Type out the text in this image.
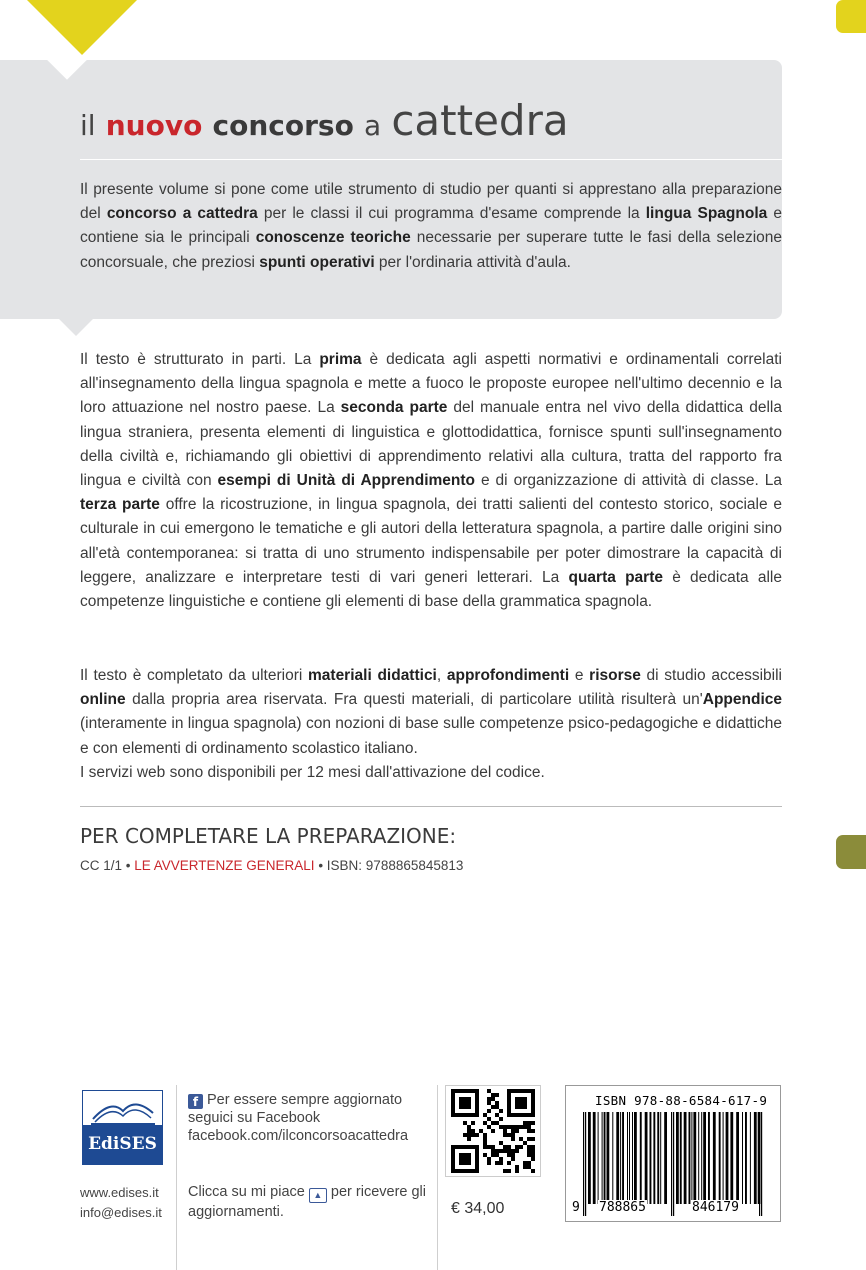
il nuovo concorso a cattedra

Il presente volume si pone come utile strumento di studio per quanti si apprestano alla preparazione del concorso a cattedra per le classi il cui programma d'esame comprende la lingua Spagnola e contiene sia le principali conoscenze teoriche necessarie per superare tutte le fasi della selezione concorsuale, che preziosi spunti operativi per l'ordinaria attività d'aula.

Il testo è strutturato in parti. La prima è dedicata agli aspetti normativi e ordinamentali correlati all'insegnamento della lingua spagnola e mette a fuoco le proposte europee nell'ultimo decennio e la loro attuazione nel nostro paese. La seconda parte del manuale entra nel vivo della didattica della lingua straniera, presenta elementi di linguistica e glottodidattica, fornisce spunti sull'insegnamento della civiltà e, richiamando gli obiettivi di apprendimento relativi alla cultura, tratta del rapporto fra lingua e civiltà con esempi di Unità di Apprendimento e di organizzazione di attività di classe. La terza parte offre la ricostruzione, in lingua spagnola, dei tratti salienti del contesto storico, sociale e culturale in cui emergono le tematiche e gli autori della letteratura spagnola, a partire dalle origini sino all'età contemporanea: si tratta di uno strumento indispensabile per poter dimostrare la capacità di leggere, analizzare e interpretare testi di vari generi letterari. La quarta parte è dedicata alle competenze linguistiche e contiene gli elementi di base della grammatica spagnola.

Il testo è completato da ulteriori materiali didattici, approfondimenti e risorse di studio accessibili online dalla propria area riservata. Fra questi materiali, di particolare utilità risulterà un'Appendice (interamente in lingua spagnola) con nozioni di base sulle competenze psico-pedagogiche e didattiche e con elementi di ordinamento scolastico italiano.
I servizi web sono disponibili per 12 mesi dall'attivazione del codice.

PER COMPLETARE LA PREPARAZIONE:
CC 1/1 • LE AVVERTENZE GENERALI • ISBN: 9788865845813
EdiSES
www.edises.it
info@edises.it
f Per essere sempre aggiornato
seguici su Facebook
facebook.com/ilconcorsoacattedra
Clicca su mi piace ▲ per ricevere gli aggiornamenti.	€ 34,00
ISBN 978-88-6584-617-9
9 788865	846179
